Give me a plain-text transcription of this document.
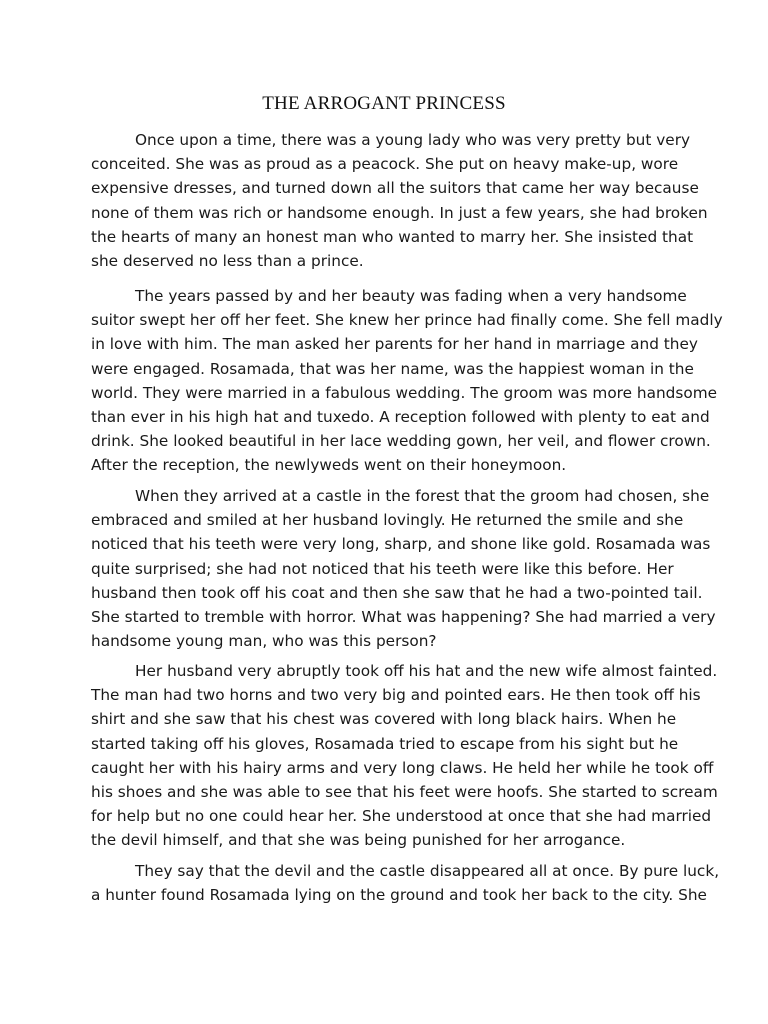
THE ARROGANT PRINCESS
Once upon a time, there was a young lady who was very pretty but very
conceited. She was as proud as a peacock. She put on heavy make-up, wore
expensive dresses, and turned down all the suitors that came her way because
none of them was rich or handsome enough. In just a few years, she had broken
the hearts of many an honest man who wanted to marry her. She insisted that
she deserved no less than a prince.
The years passed by and her beauty was fading when a very handsome
suitor swept her off her feet. She knew her prince had finally come. She fell madly
in love with him. The man asked her parents for her hand in marriage and they
were engaged. Rosamada, that was her name, was the happiest woman in the
world. They were married in a fabulous wedding. The groom was more handsome
than ever in his high hat and tuxedo. A reception followed with plenty to eat and
drink. She looked beautiful in her lace wedding gown, her veil, and flower crown.
After the reception, the newlyweds went on their honeymoon.
When they arrived at a castle in the forest that the groom had chosen, she
embraced and smiled at her husband lovingly. He returned the smile and she
noticed that his teeth were very long, sharp, and shone like gold. Rosamada was
quite surprised; she had not noticed that his teeth were like this before. Her
husband then took off his coat and then she saw that he had a two-pointed tail.
She started to tremble with horror. What was happening? She had married a very
handsome young man, who was this person?
Her husband very abruptly took off his hat and the new wife almost fainted.
The man had two horns and two very big and pointed ears. He then took off his
shirt and she saw that his chest was covered with long black hairs. When he
started taking off his gloves, Rosamada tried to escape from his sight but he
caught her with his hairy arms and very long claws. He held her while he took off
his shoes and she was able to see that his feet were hoofs. She started to scream
for help but no one could hear her. She understood at once that she had married
the devil himself, and that she was being punished for her arrogance.
They say that the devil and the castle disappeared all at once. By pure luck,
a hunter found Rosamada lying on the ground and took her back to the city. She
